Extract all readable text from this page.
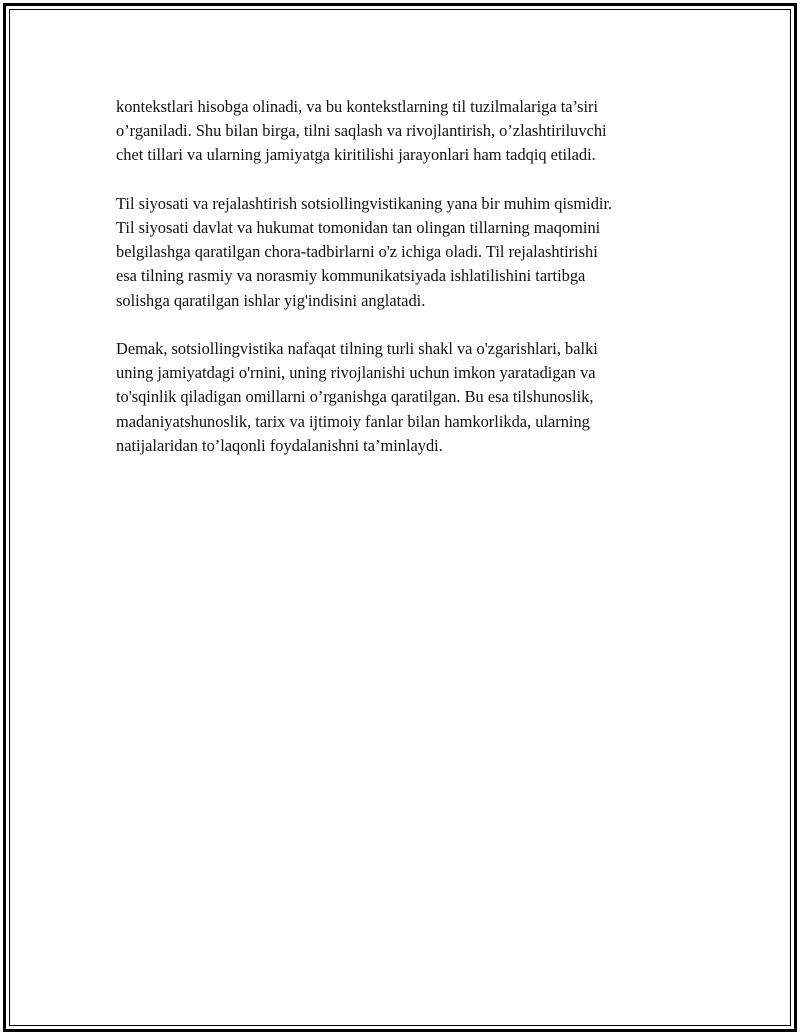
kontekstlari hisobga olinadi, va bu kontekstlarning til tuzilmalariga ta’siri
o’rganiladi. Shu bilan birga, tilni saqlash va rivojlantirish, o’zlashtiriluvchi
chet tillari va ularning jamiyatga kiritilishi jarayonlari ham tadqiq etiladi.

Til siyosati va rejalashtirish sotsiollingvistikaning yana bir muhim qismidir.
Til siyosati davlat va hukumat tomonidan tan olingan tillarning maqomini
belgilashga qaratilgan chora-tadbirlarni o'z ichiga oladi. Til rejalashtirishi
esa tilning rasmiy va norasmiy kommunikatsiyada ishlatilishini tartibga
solishga qaratilgan ishlar yig'indisini anglatadi.

Demak, sotsiollingvistika nafaqat tilning turli shakl va o'zgarishlari, balki
uning jamiyatdagi o'rnini, uning rivojlanishi uchun imkon yaratadigan va
to'sqinlik qiladigan omillarni o’rganishga qaratilgan. Bu esa tilshunoslik,
madaniyatshunoslik, tarix va ijtimoiy fanlar bilan hamkorlikda, ularning
natijalaridan to’laqonli foydalanishni ta’minlaydi.
